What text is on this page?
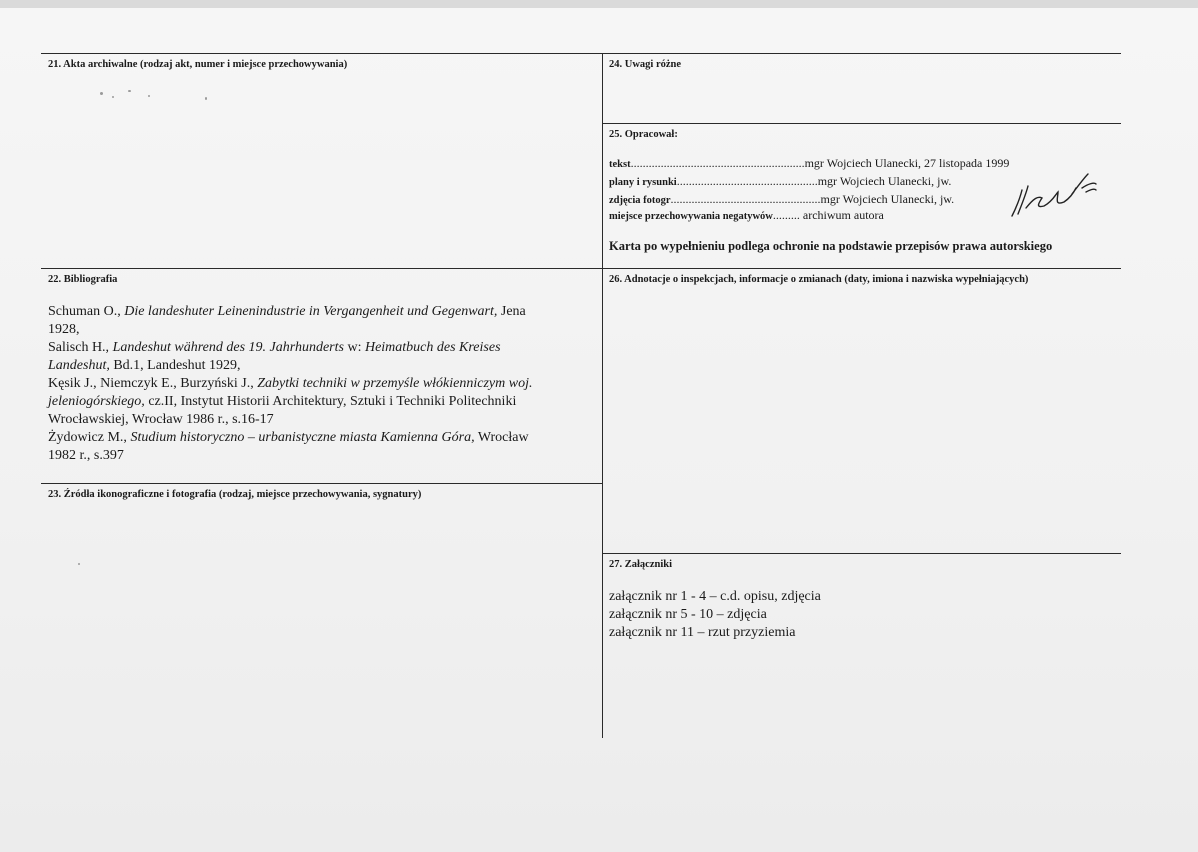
21. Akta archiwalne (rodzaj akt, numer i miejsce przechowywania)
22. Bibliografia
Schuman O., Die landeshuter Leinenindustrie in Vergangenheit und Gegenwart, Jena
1928,
Salisch H., Landeshut während des 19. Jahrhunderts w: Heimatbuch des Kreises
Landeshut, Bd.1, Landeshut 1929,
Kęsik J., Niemczyk E., Burzyński J., Zabytki techniki w przemyśle włókienniczym woj.
jeleniogórskiego, cz.II, Instytut Historii Architektury, Sztuki i Techniki Politechniki
Wrocławskiej, Wrocław 1986 r., s.16-17
Żydowicz M., Studium historyczno – urbanistyczne miasta Kamienna Góra, Wrocław
1982 r., s.397
23. Źródła ikonograficzne i fotografia (rodzaj, miejsce przechowywania, sygnatury)
24. Uwagi różne
25. Opracował:
tekst..........................................................mgr Wojciech Ulanecki, 27 listopada 1999
plany i rysunki...............................................mgr Wojciech Ulanecki, jw.
zdjęcia fotogr..................................................mgr Wojciech Ulanecki, jw.
miejsce przechowywania negatywów......... archiwum autora
Karta po wypełnieniu podlega ochronie na podstawie przepisów prawa autorskiego
26. Adnotacje o inspekcjach, informacje o zmianach (daty, imiona i nazwiska wypełniających)
27. Załączniki
załącznik nr 1 - 4 – c.d. opisu, zdjęcia
załącznik nr 5 - 10 – zdjęcia
załącznik nr 11 – rzut przyziemia
